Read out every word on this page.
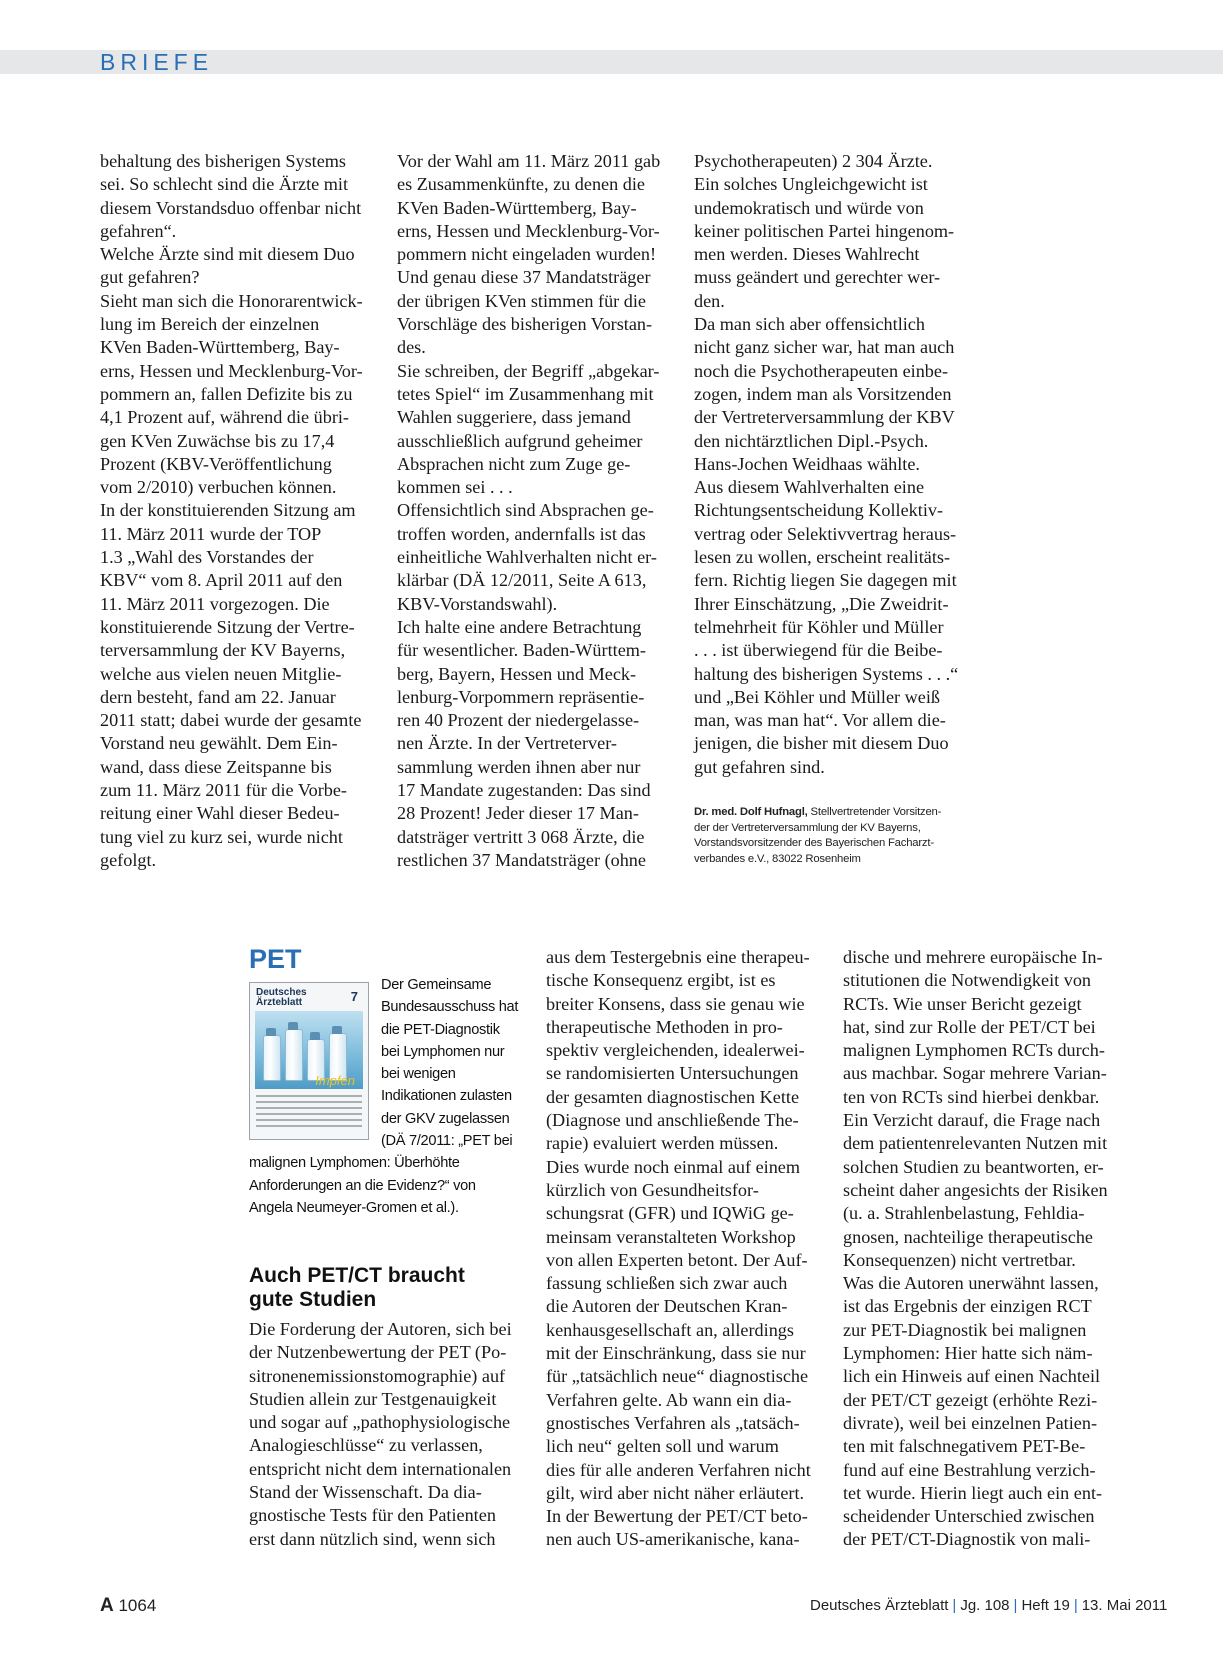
BRIEFE
behaltung des bisherigen Systems
sei. So schlecht sind die Ärzte mit
diesem Vorstandsduo offenbar nicht
gefahren“.
Welche Ärzte sind mit diesem Duo
gut gefahren?
Sieht man sich die Honorarentwick-
lung im Bereich der einzelnen
KVen Baden-Württemberg, Bay-
erns, Hessen und Mecklenburg-Vor-
pommern an, fallen Defizite bis zu
4,1 Prozent auf, während die übri-
gen KVen Zuwächse bis zu 17,4
Prozent (KBV-Veröffentlichung
vom 2/2010) verbuchen können.
In der konstituierenden Sitzung am
11. März 2011 wurde der TOP
1.3 „Wahl des Vorstandes der
KBV“ vom 8. April 2011 auf den
11. März 2011 vorgezogen. Die
konstituierende Sitzung der Vertre-
terversammlung der KV Bayerns,
welche aus vielen neuen Mitglie-
dern besteht, fand am 22. Januar
2011 statt; dabei wurde der gesamte
Vorstand neu gewählt. Dem Ein-
wand, dass diese Zeitspanne bis
zum 11. März 2011 für die Vorbe-
reitung einer Wahl dieser Bedeu-
tung viel zu kurz sei, wurde nicht
gefolgt.
Vor der Wahl am 11. März 2011 gab
es Zusammenkünfte, zu denen die
KVen Baden-Württemberg, Bay-
erns, Hessen und Mecklenburg-Vor-
pommern nicht eingeladen wurden!
Und genau diese 37 Mandatsträger
der übrigen KVen stimmen für die
Vorschläge des bisherigen Vorstan-
des.
Sie schreiben, der Begriff „abgekar-
tetes Spiel“ im Zusammenhang mit
Wahlen suggeriere, dass jemand
ausschließlich aufgrund geheimer
Absprachen nicht zum Zuge ge-
kommen sei . . .
Offensichtlich sind Absprachen ge-
troffen worden, andernfalls ist das
einheitliche Wahlverhalten nicht er-
klärbar (DÄ 12/2011, Seite A 613,
KBV-Vorstandswahl).
Ich halte eine andere Betrachtung
für wesentlicher. Baden-Württem-
berg, Bayern, Hessen und Meck-
lenburg-Vorpommern repräsentie-
ren 40 Prozent der niedergelasse-
nen Ärzte. In der Vertreterver-
sammlung werden ihnen aber nur
17 Mandate zugestanden: Das sind
28 Prozent! Jeder dieser 17 Man-
datsträger vertritt 3 068 Ärzte, die
restlichen 37 Mandatsträger (ohne
Psychotherapeuten) 2 304 Ärzte.
Ein solches Ungleichgewicht ist
undemokratisch und würde von
keiner politischen Partei hingenom-
men werden. Dieses Wahlrecht
muss geändert und gerechter wer-
den.
Da man sich aber offensichtlich
nicht ganz sicher war, hat man auch
noch die Psychotherapeuten einbe-
zogen, indem man als Vorsitzenden
der Vertreterversammlung der KBV
den nichtärztlichen Dipl.-Psych.
Hans-Jochen Weidhaas wählte.
Aus diesem Wahlverhalten eine
Richtungsentscheidung Kollektiv-
vertrag oder Selektivvertrag heraus-
lesen zu wollen, erscheint realitäts-
fern. Richtig liegen Sie dagegen mit
Ihrer Einschätzung, „Die Zweidrit-
telmehrheit für Köhler und Müller
. . . ist überwiegend für die Beibe-
haltung des bisherigen Systems . . .“
und „Bei Köhler und Müller weiß
man, was man hat“. Vor allem die-
jenigen, die bisher mit diesem Duo
gut gefahren sind.
Dr. med. Dolf Hufnagl, Stellvertretender Vorsitzen-
der der Vertreterversammlung der KV Bayerns,
Vorstandsvorsitzender des Bayerischen Facharzt-
verbandes e.V., 83022 Rosenheim
PET
Der Gemeinsame Bundesausschuss hat die PET-Diagnostik bei Lymphomen nur bei wenigen Indikationen zulasten der GKV zugelassen (DÄ 7/2011: „PET bei malignen Lymphomen: Überhöhte Anforderungen an die Evidenz?“ von Angela Neumeyer-Gromen et al.).
Deutsches
Ärzteblatt	7
Impfen
Auch PET/CT braucht
gute Studien
Die Forderung der Autoren, sich bei
der Nutzenbewertung der PET (Po-
sitronenemissionstomographie) auf
Studien allein zur Testgenauigkeit
und sogar auf „pathophysiologische
Analogieschlüsse“ zu verlassen,
entspricht nicht dem internationalen
Stand der Wissenschaft. Da dia-
gnostische Tests für den Patienten
erst dann nützlich sind, wenn sich
aus dem Testergebnis eine therapeu-
tische Konsequenz ergibt, ist es
breiter Konsens, dass sie genau wie
therapeutische Methoden in pro-
spektiv vergleichenden, idealerwei-
se randomisierten Untersuchungen
der gesamten diagnostischen Kette
(Diagnose und anschließende The-
rapie) evaluiert werden müssen.
Dies wurde noch einmal auf einem
kürzlich von Gesundheitsfor-
schungsrat (GFR) und IQWiG ge-
meinsam veranstalteten Workshop
von allen Experten betont. Der Auf-
fassung schließen sich zwar auch
die Autoren der Deutschen Kran-
kenhausgesellschaft an, allerdings
mit der Einschränkung, dass sie nur
für „tatsächlich neue“ diagnostische
Verfahren gelte. Ab wann ein dia-
gnostisches Verfahren als „tatsäch-
lich neu“ gelten soll und warum
dies für alle anderen Verfahren nicht
gilt, wird aber nicht näher erläutert.
In der Bewertung der PET/CT beto-
nen auch US-amerikanische, kana-
dische und mehrere europäische In-
stitutionen die Notwendigkeit von
RCTs. Wie unser Bericht gezeigt
hat, sind zur Rolle der PET/CT bei
malignen Lymphomen RCTs durch-
aus machbar. Sogar mehrere Varian-
ten von RCTs sind hierbei denkbar.
Ein Verzicht darauf, die Frage nach
dem patientenrelevanten Nutzen mit
solchen Studien zu beantworten, er-
scheint daher angesichts der Risiken
(u. a. Strahlenbelastung, Fehldia-
gnosen, nachteilige therapeutische
Konsequenzen) nicht vertretbar.
Was die Autoren unerwähnt lassen,
ist das Ergebnis der einzigen RCT
zur PET-Diagnostik bei malignen
Lymphomen: Hier hatte sich näm-
lich ein Hinweis auf einen Nachteil
der PET/CT gezeigt (erhöhte Rezi-
divrate), weil bei einzelnen Patien-
ten mit falschnegativem PET-Be-
fund auf eine Bestrahlung verzich-
tet wurde. Hierin liegt auch ein ent-
scheidender Unterschied zwischen
der PET/CT-Diagnostik von mali-
A 1064	Deutsches Ärzteblatt | Jg. 108 | Heft 19 | 13. Mai 2011
